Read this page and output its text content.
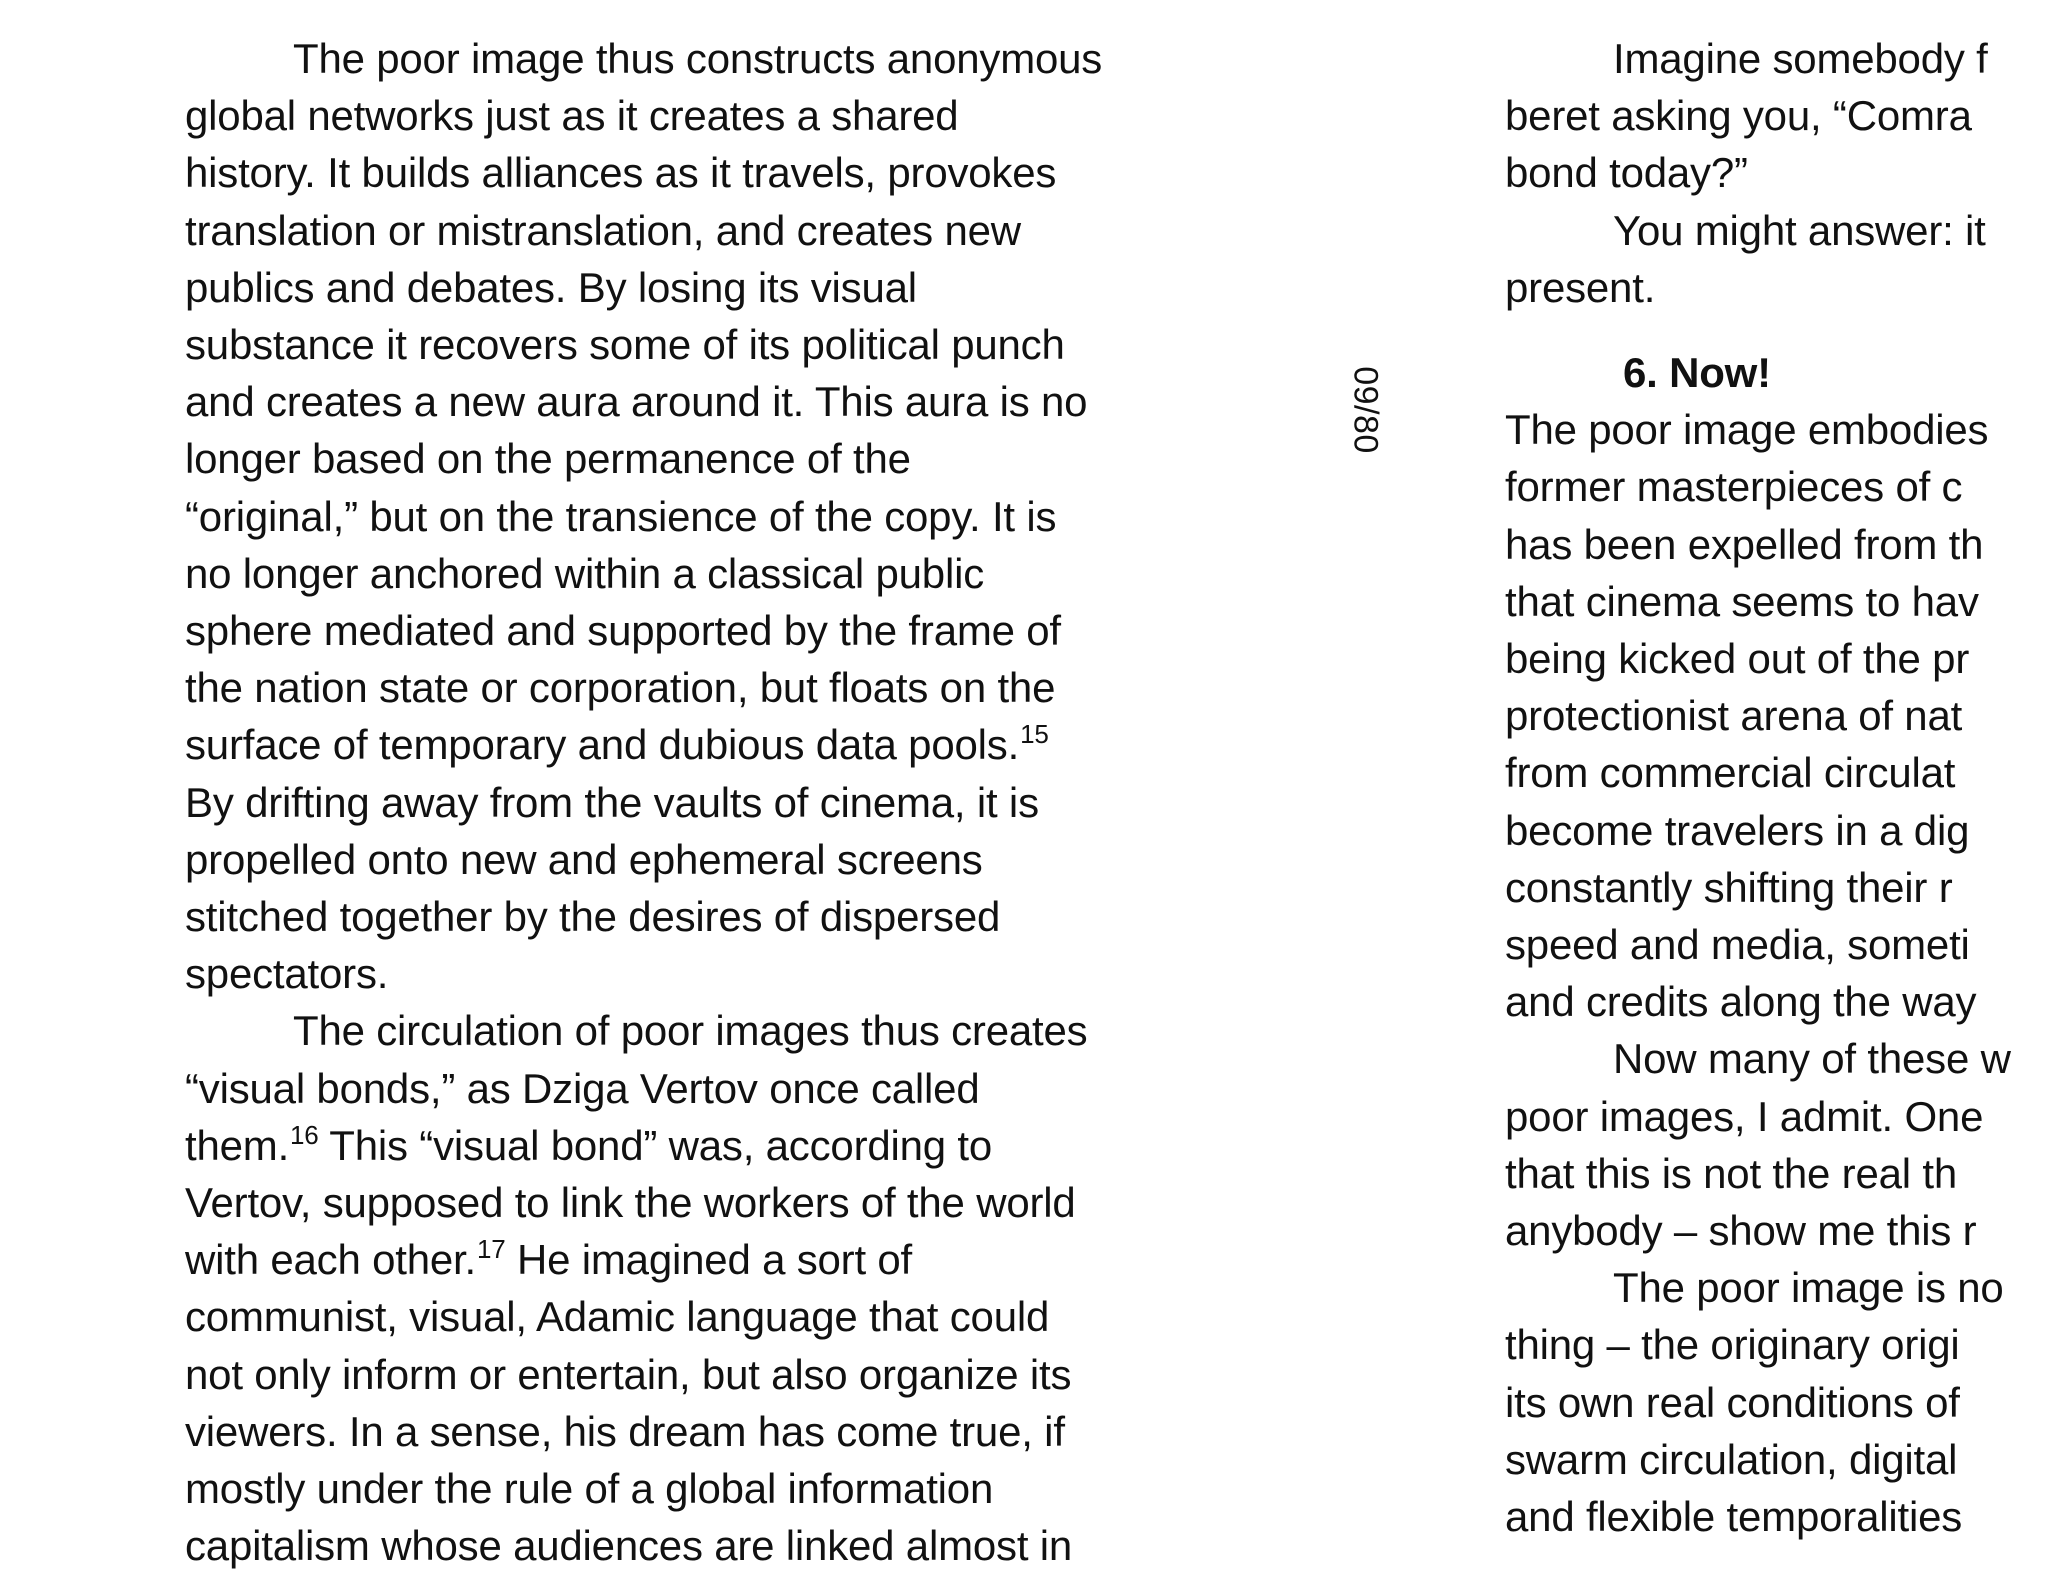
The poor image thus constructs anonymous
global networks just as it creates a shared
history. It builds alliances as it travels, provokes
translation or mistranslation, and creates new
publics and debates. By losing its visual
substance it recovers some of its political punch
and creates a new aura around it. This aura is no
longer based on the permanence of the
“original,” but on the transience of the copy. It is
no longer anchored within a classical public
sphere mediated and supported by the frame of
the nation state or corporation, but floats on the
surface of temporary and dubious data pools.$^{15}$
By drifting away from the vaults of cinema, it is
propelled onto new and ephemeral screens
stitched together by the desires of dispersed
spectators.
The circulation of poor images thus creates
“visual bonds,” as Dziga Vertov once called
them.$^{16}$ This “visual bond” was, according to
Vertov, supposed to link the workers of the world
with each other.$^{17}$ He imagined a sort of
communist, visual, Adamic language that could
not only inform or entertain, but also organize its
viewers. In a sense, his dream has come true, if
mostly under the rule of a global information
capitalism whose audiences are linked almost in
09/80
Imagine somebody f
beret asking you, “Comra
bond today?”
You might answer: it
present.
6. Now!
The poor image embodies
former masterpieces of c
has been expelled from th
that cinema seems to hav
being kicked out of the pr
protectionist arena of nat
from commercial circulat
become travelers in a dig
constantly shifting their r
speed and media, someti
and credits along the way
Now many of these w
poor images, I admit. One
that this is not the real th
anybody – show me this r
The poor image is no
thing – the originary origi
its own real conditions of
swarm circulation, digital
and flexible temporalities
